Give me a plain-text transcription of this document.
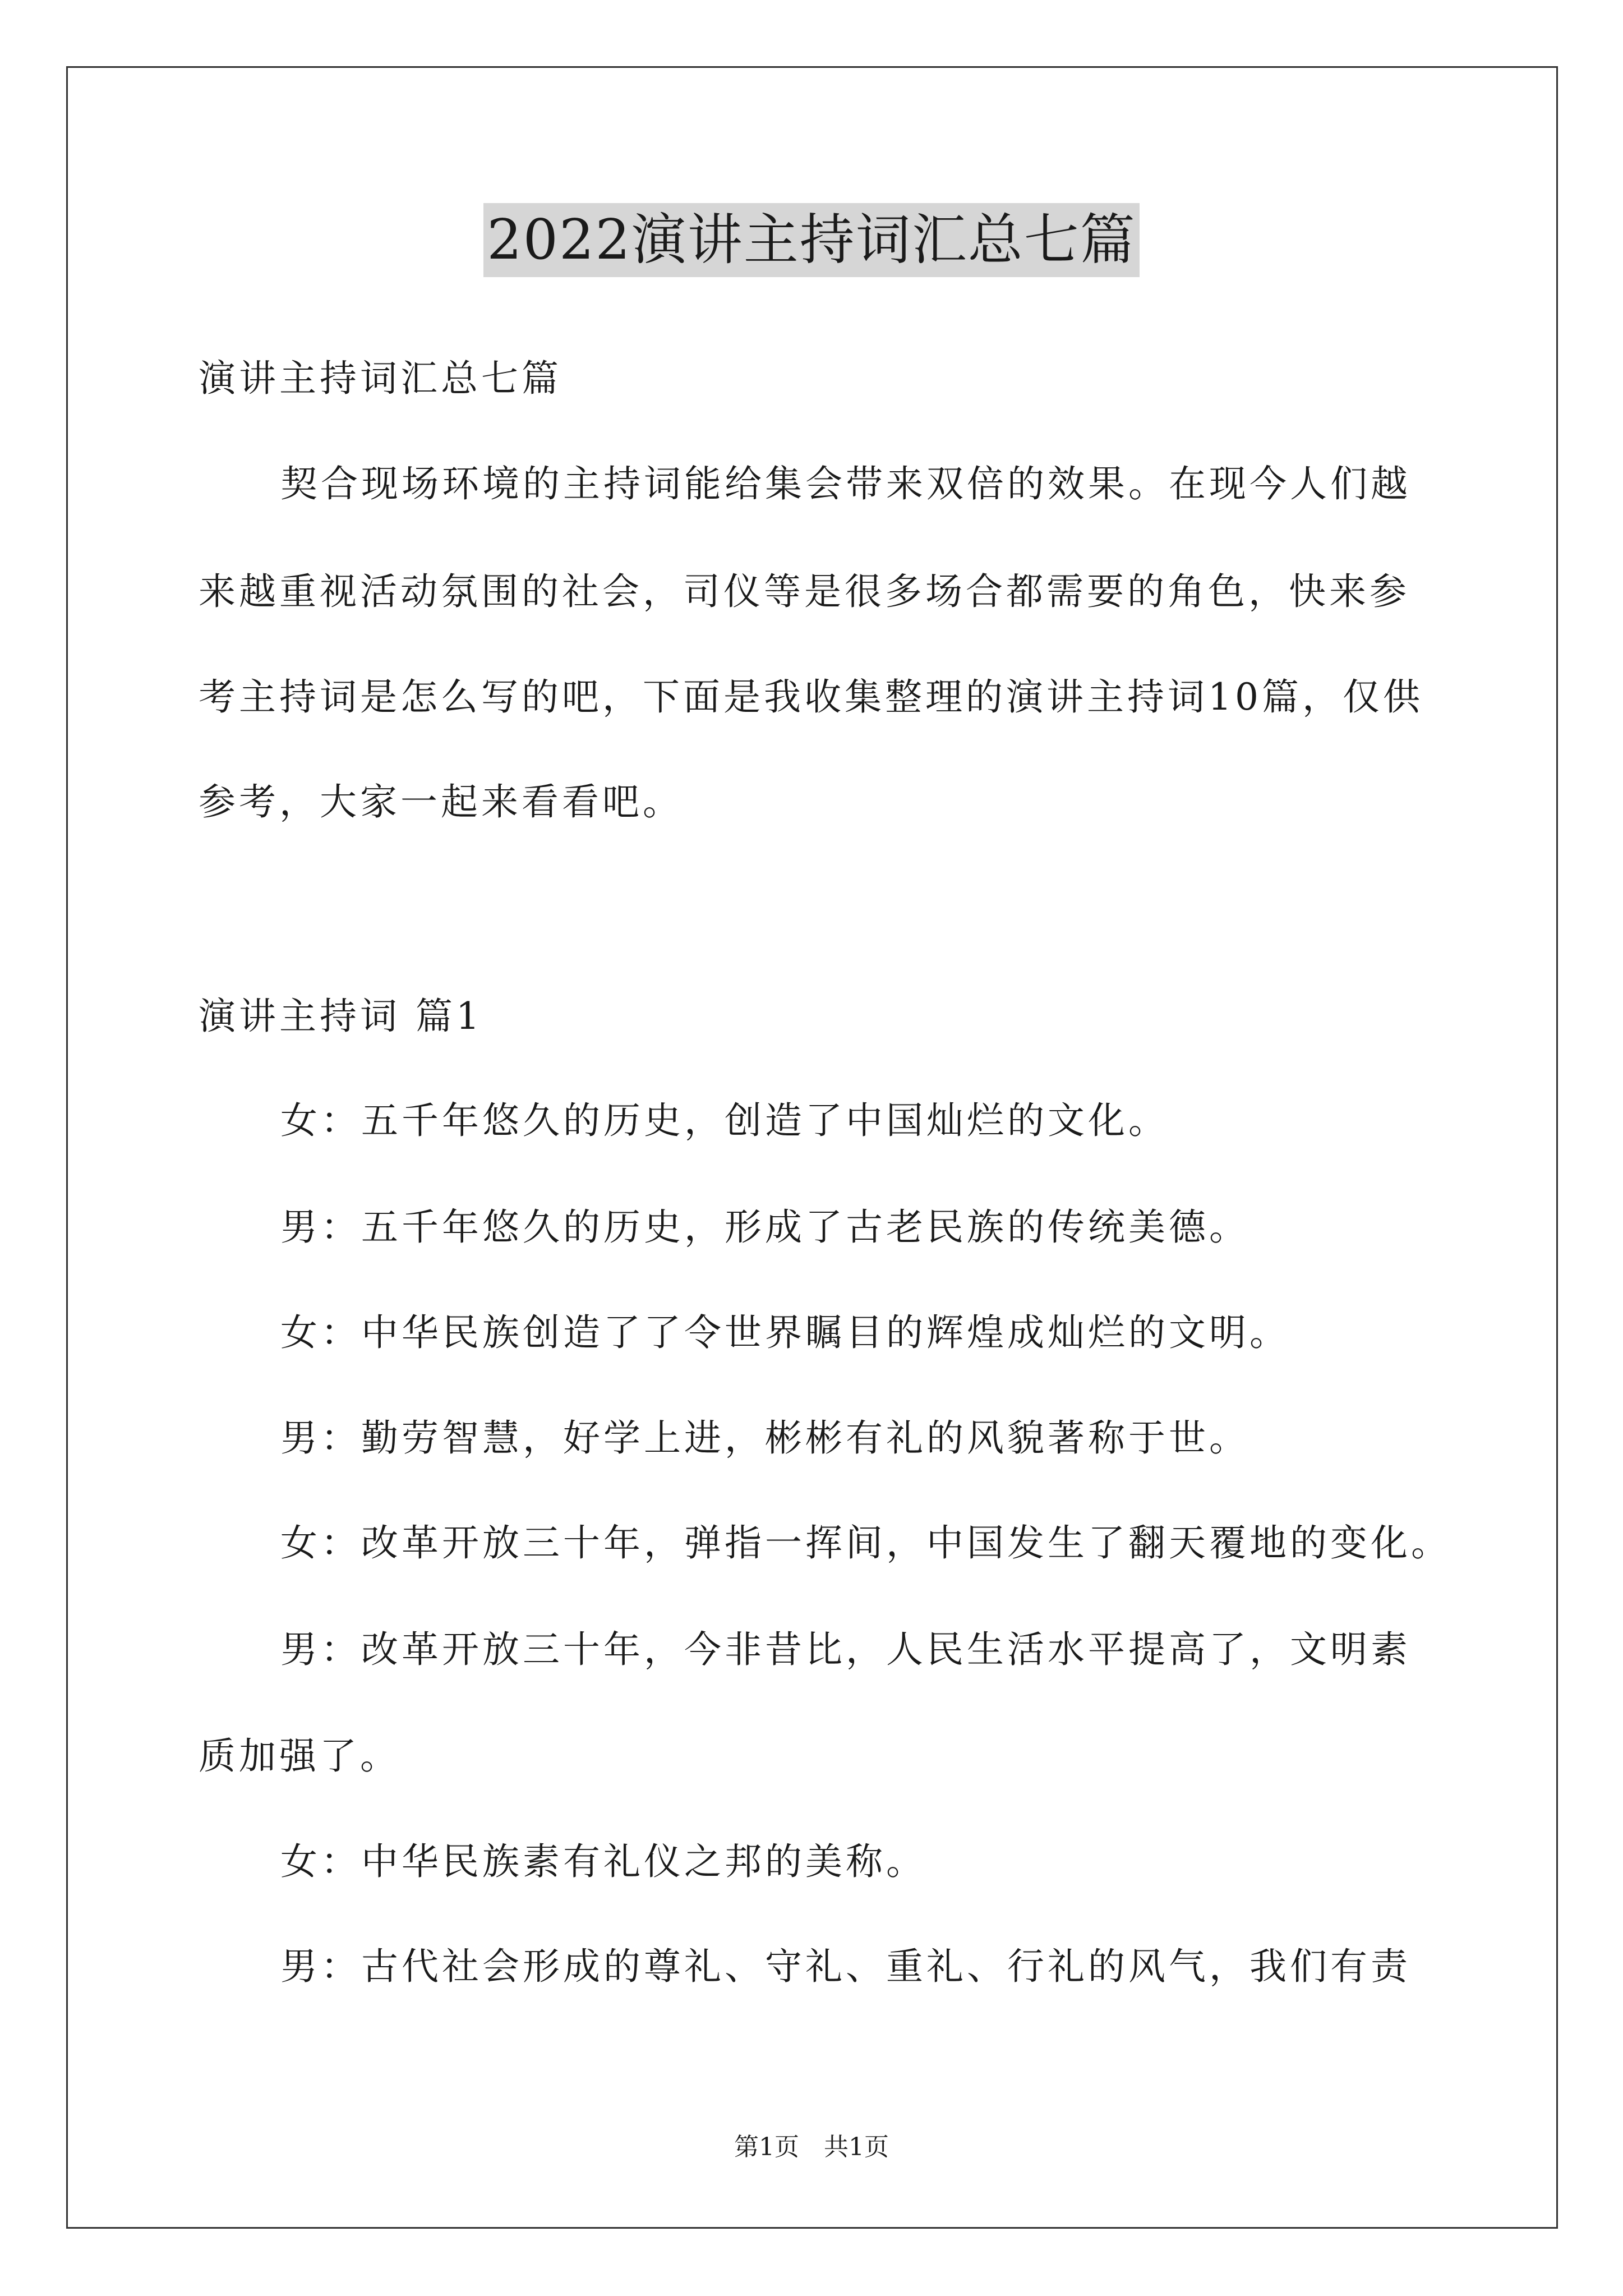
2022演讲主持词汇总七篇
演讲主持词汇总七篇
契合现场环境的主持词能给集会带来双倍的效果。在现今人们越
来越重视活动氛围的社会，司仪等是很多场合都需要的角色，快来参
考主持词是怎么写的吧，下面是我收集整理的演讲主持词10篇，仅供
参考，大家一起来看看吧。
演讲主持词 篇1
女：五千年悠久的历史，创造了中国灿烂的文化。
男：五千年悠久的历史，形成了古老民族的传统美德。
女：中华民族创造了了令世界瞩目的辉煌成灿烂的文明。
男：勤劳智慧，好学上进，彬彬有礼的风貌著称于世。
女：改革开放三十年，弹指一挥间，中国发生了翻天覆地的变化。
男：改革开放三十年，今非昔比，人民生活水平提高了，文明素
质加强了。
女：中华民族素有礼仪之邦的美称。
男：古代社会形成的尊礼、守礼、重礼、行礼的风气，我们有责
第1页 共1页
